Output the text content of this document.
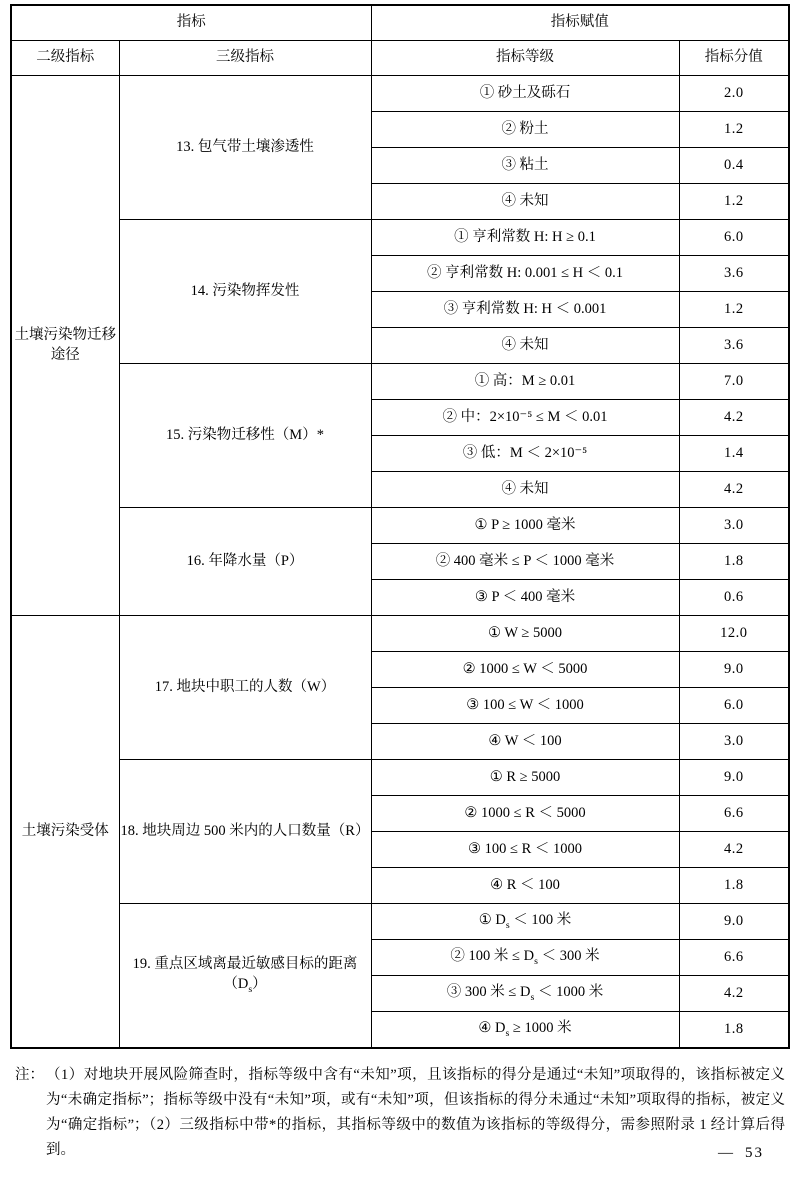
指标		指标赋值	
二级指标	三级指标	指标等级	指标分值
土壤污染物迁移途径	13. 包气带土壤渗透性	① 砂土及砾石	2.0
		② 粉土	1.2
		③ 粘土	0.4
		④ 未知	1.2
	14. 污染物挥发性	① 亨利常数 H: H ≥ 0.1	6.0
		② 亨利常数 H: 0.001 ≤ H ＜ 0.1	3.6
		③ 亨利常数 H: H ＜ 0.001	1.2
		④ 未知	3.6
	15. 污染物迁移性（M）*	① 高：M ≥ 0.01	7.0
		② 中：2×10⁻⁵ ≤ M ＜ 0.01	4.2
		③ 低：M ＜ 2×10⁻⁵	1.4
		④ 未知	4.2
	16. 年降水量（P）	① P ≥ 1000 毫米	3.0
		② 400 毫米 ≤ P ＜ 1000 毫米	1.8
		③ P ＜ 400 毫米	0.6
土壤污染受体	17. 地块中职工的人数（W）	① W ≥ 5000	12.0
		② 1000 ≤ W ＜ 5000	9.0
		③ 100 ≤ W ＜ 1000	6.0
		④ W ＜ 100	3.0
	18. 地块周边 500 米内的人口数量（R）	① R ≥ 5000	9.0
		② 1000 ≤ R ＜ 5000	6.6
		③ 100 ≤ R ＜ 1000	4.2
		④ R ＜ 100	1.8
	19. 重点区域离最近敏感目标的距离$(D_s)$	① $D_s < 100$ 米	9.0
		② 100 米 ≤ $D_s < 300$ 米	6.6
		③ 300 米 ≤ $D_s < 1000$ 米	4.2
		④ $D_s \ge 1000$ 米	1.8
注： （1）对地块开展风险筛查时，指标等级中含有“未知”项，且该指标的得分是通过“未知”项取得的，该指标被定义为“未确定指标”；指标等级中没有“未知”项，或有“未知”项，但该指标的得分未通过“未知”项取得的指标，被定义为“确定指标”；（2）三级指标中带*的指标，其指标等级中的数值为该指标的等级得分，需参照附录 1 经计算后得到。	— 53
